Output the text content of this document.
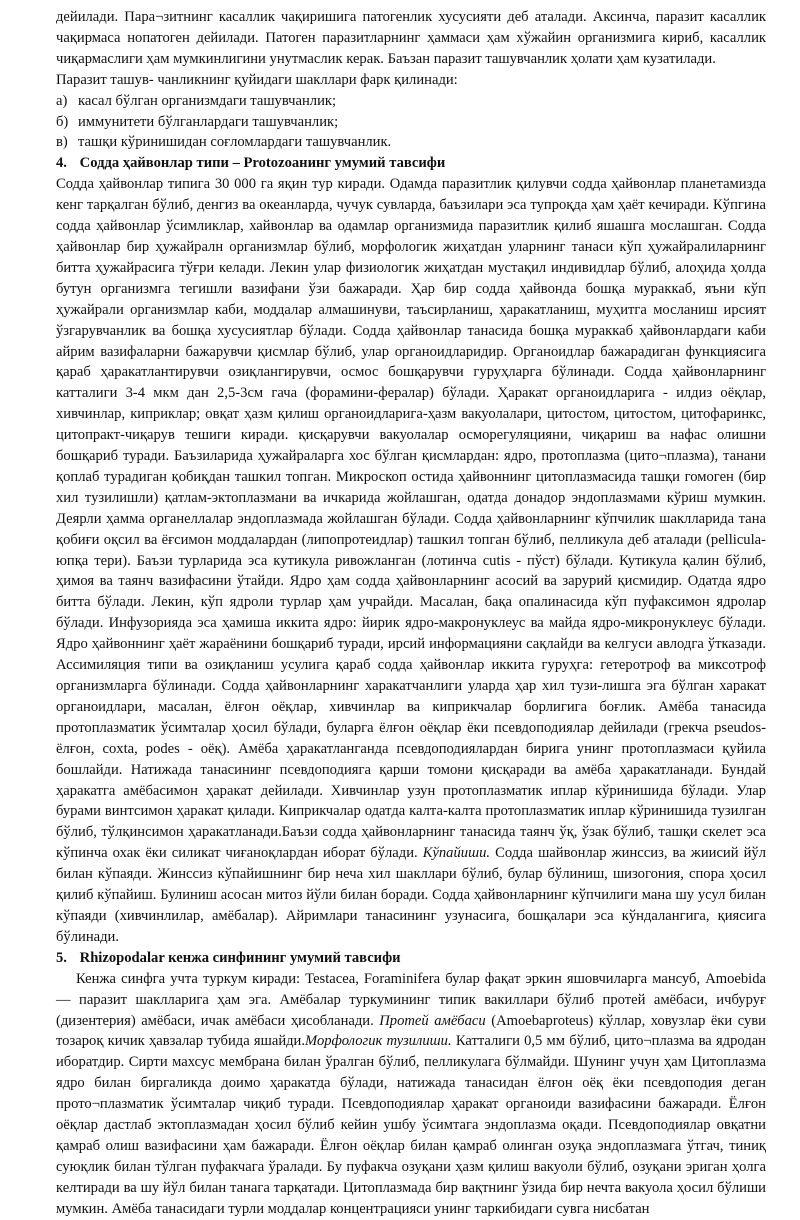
дейилади. Пара¬зитнинг касаллик чақиришига патогенлик хусусияти деб аталади. Аксинча, паразит касаллик чақирмаса нопатоген дейилади. Патоген паразитларнинг ҳаммаси ҳам хўжайин организмига кириб, касаллик чиқармаслиги ҳам мумкинлигини унутмаслик керак. Баъзан паразит ташувчанлик ҳолати ҳам кузатилади.

Паразит ташув- чанликнинг қуйидаги шакллари фарк қилинади:

а) касал бўлган организмдаги ташувчанлик;
б) иммунитети бўлганлардаги ташувчанлик;
в) ташқи кўринишидан соғломлардаги ташувчанлик.
4. Содда ҳайвонлар типи – Protozoaнинг умумий тавсифи

Содда ҳайвонлар типига 30 000 га яқин тур киради. Одамда паразитлик қилувчи содда ҳайвонлар планетамизда кенг тарқалган бўлиб, денгиз ва океанларда, чучук сувларда, баъзилари эса тупроқда ҳам ҳаёт кечиради. Кўпгина содда ҳайвонлар ўсимликлар, хайвонлар ва одамлар организмида паразитлик қилиб яшашга мослашган. Содда ҳайвонлар бир ҳужайралн организмлар бўлиб, морфологик жиҳатдан уларнинг танаси кўп ҳужайралиларнинг битта ҳужайрасига тўғри келади. Лекин улар физиологик жиҳатдан мустақил индивидлар бўлиб, алоҳида ҳолда бутун организмга тегишли вазифани ўзи бажаради. Ҳар бир содда ҳайвонда бошқа мураккаб, яъни кўп ҳужайрали организмлар каби, моддалар алмашинуви, таъсирланиш, ҳаракатланиш, муҳитга мосланиш ирсият ўзгарувчанлик ва бошқа хусусиятлар бўлади. Содда ҳайвонлар танасида бошқа мураккаб ҳайвонлардаги каби айрим вазифаларни бажарувчи қисмлар бўлиб, улар органоидларидир. Органоидлар бажарадиган функциясига қараб ҳаракатлантирувчи озиқлангирувчи, осмос бошқарувчи гуруҳларга бўлинади. Содда ҳайвонларнинг катталиги 3-4 мкм дан 2,5-3см гача (форамини-ферaлар) бўлади. Ҳаракат органоидларига - илдиз оёқлар, хивчинлар, киприклар; овқат ҳазм қилиш органоидларига-ҳазм вакуолалари, цитостом, цитостом, цитофаринкс, цитопракт-чиқарув тешиги киради. қисқарувчи вакуолалар осморегуляцияни, чиқариш ва нафас олишни бошқариб туради. Баъзиларида ҳужайраларга хос бўлган қисмлардан: ядро, протоплазма (цито¬плазма), танани қоплаб турадиган қобиқдан ташкил топган. Микроскоп остида ҳайвоннинг цитоплазмасида ташқи гомоген (бир хил тузилишли) қатлам-эктоплазмани ва ичкарида жойлашган, одатда донадор эндоплазмами кўриш мумкин. Деярли ҳамма органеллалар эндоплазмада жойлашган бўлади. Содда ҳайвонларнинг кўпчилик шаклларида тана қобиғи оқсил ва ёғсимон моддалардан (липопротеидлар) ташкил топган бўлиб, пелликула деб аталади (pellicula-юпқа тери). Баъзи турларида эса кутикула ривожланган (лотинча cutis - пўст) бўлади. Кутикула қалин бўлиб, ҳимоя ва таянч вазифасини ўтайди. Ядро ҳам содда ҳайвонларнинг асосий ва зарурий қисмидир. Одатда ядро битта бўлади. Лекин, кўп ядроли турлар ҳам учрайди. Масалан, бақа опалинасида кўп пуфаксимон ядролар бўлади. Инфузорияда эса ҳамиша иккита ядро: йирик ядро-макронуклеус ва майда ядро-микронуклеус бўлади. Ядро ҳайвоннинг ҳаёт жараёнини бошқариб туради, ирсий информацияни сақлайди ва келгуси авлодга ўтказади. Ассимиляция типи ва озиқланиш усулига қараб содда ҳайвонлар иккита гуруҳга: гетеротроф ва миксотроф организмларга бўлинади. Содда ҳайвонларнинг харакатчанлиги уларда ҳар хил тузи-лишга эга бўлган харакат органоидлари, масалан, ёлғон оёқлар, хивчинлар ва киприкчалар борлигига боғлик. Амёба танасида протоплазматик ўсимталар ҳосил бўлади, буларга ёлғон оёқлар ёки псевдоподиялар дейилади (грекча pseudos- ёлғон, coxta, podes - оёқ). Амёба ҳаракатланганда псевдоподиялардан бирига унинг протоплазмаси қуйила бошлайди. Натижада танасининг псевдоподияга қарши томони қисқаради ва амёба ҳаракатланади. Бундай ҳаракатга амёбасимон ҳаракат дейилади. Хивчинлар узун протоплазматик иплар кўринишида бўлади. Улар бурами винтсимон ҳаракат қилади. Киприкчалар одатда калта-калта протоплазматик иплар кўринишида тузилган бўлиб, тўлқинсимон ҳаракатланади.Баъзи содда ҳайвонларнинг танасида таянч ўқ, ўзак бўлиб, ташқи скелет эса кўпинча охак ёки силикат чиғаноқлардан иборат бўлади. Кўпайиши. Содда шайвонлар жинссиз, ва жиисий йўл билан кўпаяди. Жинссиз кўпайишнинг бир неча хил шакллари бўлиб, булар бўлиниш, шизогония, спора ҳосил қилиб кўпайиш. Булиниш асосан митоз йўли билан боради. Содда ҳайвонларнинг кўпчилиги мана шу усул билан кўпаяди (хивчинлилар, амёбалар). Айримлари танасининг узунасига, бошқалари эса кўндалангига, қиясига бўлинади.

5. Rhizopodalar кенжа синфининг умумий тавсифи

Кенжа синфга учта туркум киради: Testacea, Foraminifera булар фақат эркин яшовчиларга мансуб, Amoebida — паразит шаклларига ҳам эга. Амёбалар туркумининг типик вакиллари бўлиб протей амёбаси, ичбуруғ (дизентерия) амёбаси, ичак амёбаси ҳисобланади. Протей амёбаси (Amoebaproteus) кўллар, ховузлар ёки суви тозароқ кичик ҳавзалар тубида яшайди.Морфологик тузилиши. Катталиги 0,5 мм бўлиб, цито¬плазма ва ядродан иборатдир. Сирти махсус мембрана билан ўралган бўлиб, пелликулага бўлмайди. Шунинг учун ҳам Цитоплазма ядро билан биргаликда доимо ҳаракатда бўлади, натижада танасидан ёлғон оёқ ёки псевдоподия деган прото¬плазматик ўсимталар чиқиб туради. Псевдоподиялар ҳаракат органоиди вазифасини бажаради. Ёлғон оёқлар дастлаб эктоплазмадан ҳосил бўлиб кейин ушбу ўсимтага эндоплазма оқади. Псевдоподиялар овқатни қамраб олиш вазифасини ҳам бажаради. Ёлғон оёқлар билан қамраб олинган озуқа эндоплазмага ўтгач, тиниқ суюқлик билан тўлган пуфакчага ўралади. Бу пуфакча озуқани ҳазм қилиш вакуоли бўлиб, озуқани эриган ҳолга келтиради ва шу йўл билан танага тарқатади. Цитоплазмада бир вақтнинг ўзида бир нечта вакуола ҳосил бўлиши мумкин. Амёба танасидаги турли моддалар концентрацияси унинг таркибидаги сувга нисбатан
